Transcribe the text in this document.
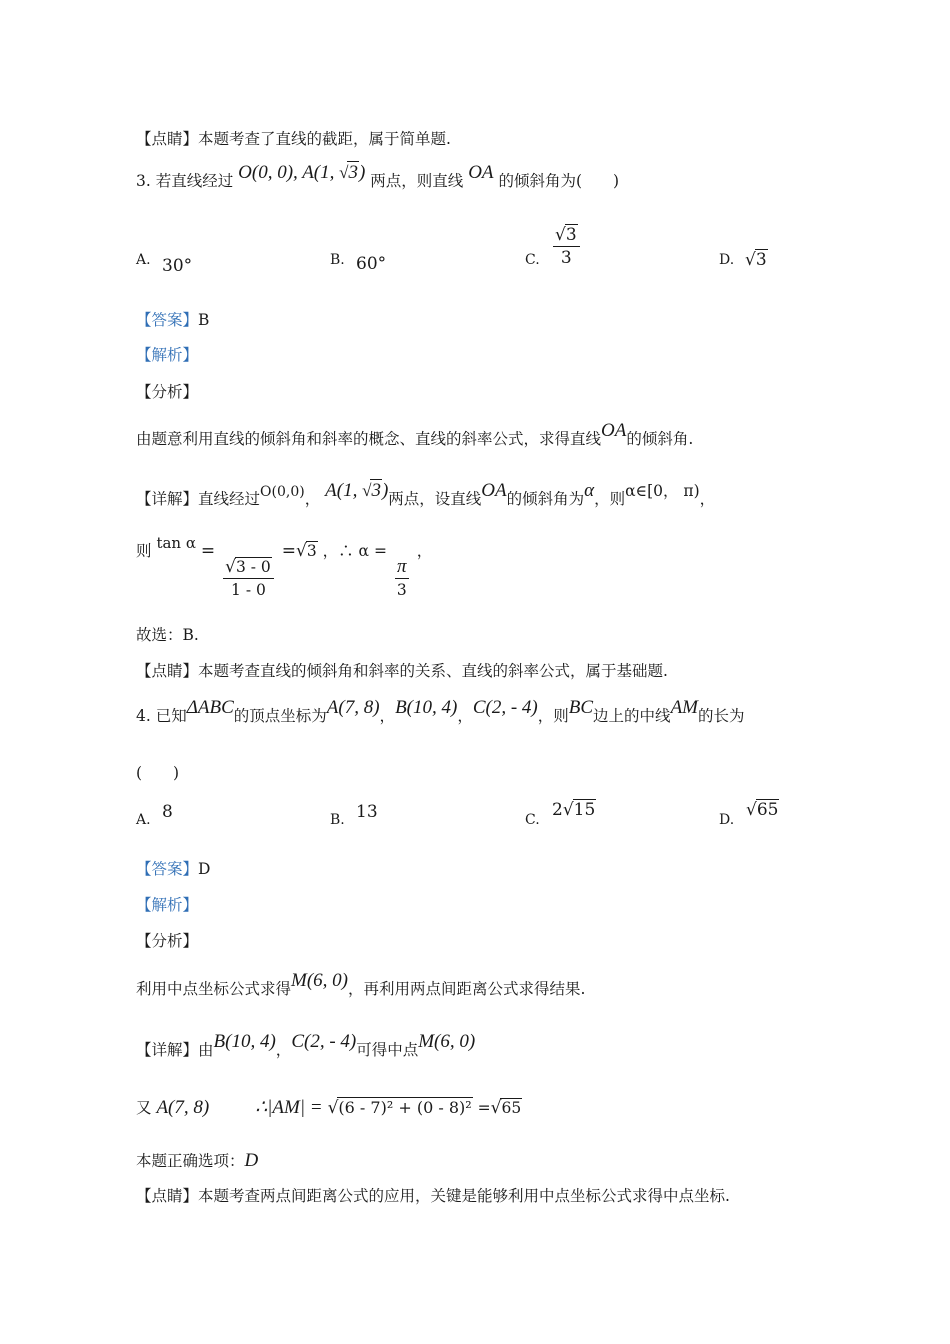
【点睛】本题考查了直线的截距，属于简单题.
3. 若直线经过 O(0, 0), A(1, √3) 两点，则直线 OA 的倾斜角为(　　)
A. 30°	B. 60°	C. $\frac{√3}{3}$	D. √3
【答案】B
【解析】
【分析】
由题意利用直线的倾斜角和斜率的概念、直线的斜率公式，求得直线OA的倾斜角.
【详解】直线经过O(0,0)， A(1, √3)两点，设直线OA的倾斜角为α，则α∈[0， π)，
则 tan α =
$\frac{√3 - 0}{1 - 0}$
=√3 ，∴ α =
$\frac{\pi}{3}$
，
故选：B.
【点睛】本题考查直线的倾斜角和斜率的关系、直线的斜率公式，属于基础题.
4. 已知ΔABC的顶点坐标为A(7, 8)，B(10, 4)，C(2, - 4)，则BC边上的中线AM的长为
(　　)
A. 8	B. 13	C. 2√15	D. √65
【答案】D
【解析】
【分析】
利用中点坐标公式求得M(6, 0)，再利用两点间距离公式求得结果.
【详解】由B(10, 4)，C(2, - 4)可得中点M(6, 0)
又 A(7, 8) ∴|AM| = √(6 - 7)² + (0 - 8)² =√65
本题正确选项：D
【点睛】本题考查两点间距离公式的应用，关键是能够利用中点坐标公式求得中点坐标.
